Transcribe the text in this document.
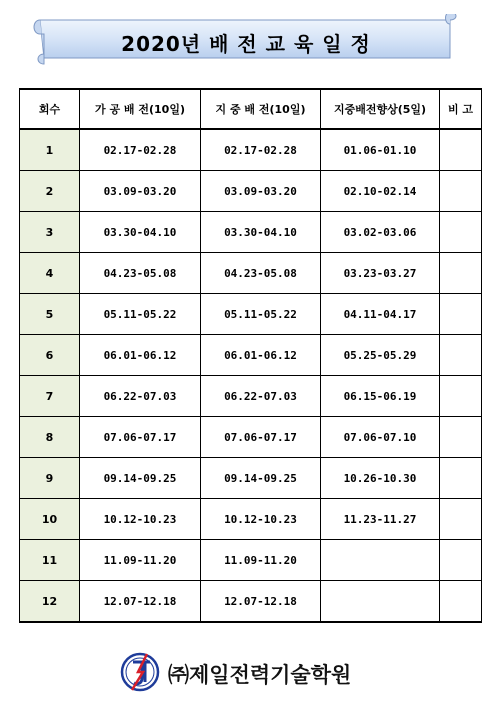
2020년 배 전 교 육 일 정
회수	가 공 배 전(10일)	지 중 배 전(10일)	지중배전향상(5일)	비 고
1	02.17-02.28	02.17-02.28	01.06-01.10	
2	03.09-03.20	03.09-03.20	02.10-02.14	
3	03.30-04.10	03.30-04.10	03.02-03.06	
4	04.23-05.08	04.23-05.08	03.23-03.27	
5	05.11-05.22	05.11-05.22	04.11-04.17	
6	06.01-06.12	06.01-06.12	05.25-05.29	
7	06.22-07.03	06.22-07.03	06.15-06.19	
8	07.06-07.17	07.06-07.17	07.06-07.10	
9	09.14-09.25	09.14-09.25	10.26-10.30	
10	10.12-10.23	10.12-10.23	11.23-11.27	
11	11.09-11.20	11.09-11.20		
12	12.07-12.18	12.07-12.18		
㈜제일전력기술학원
